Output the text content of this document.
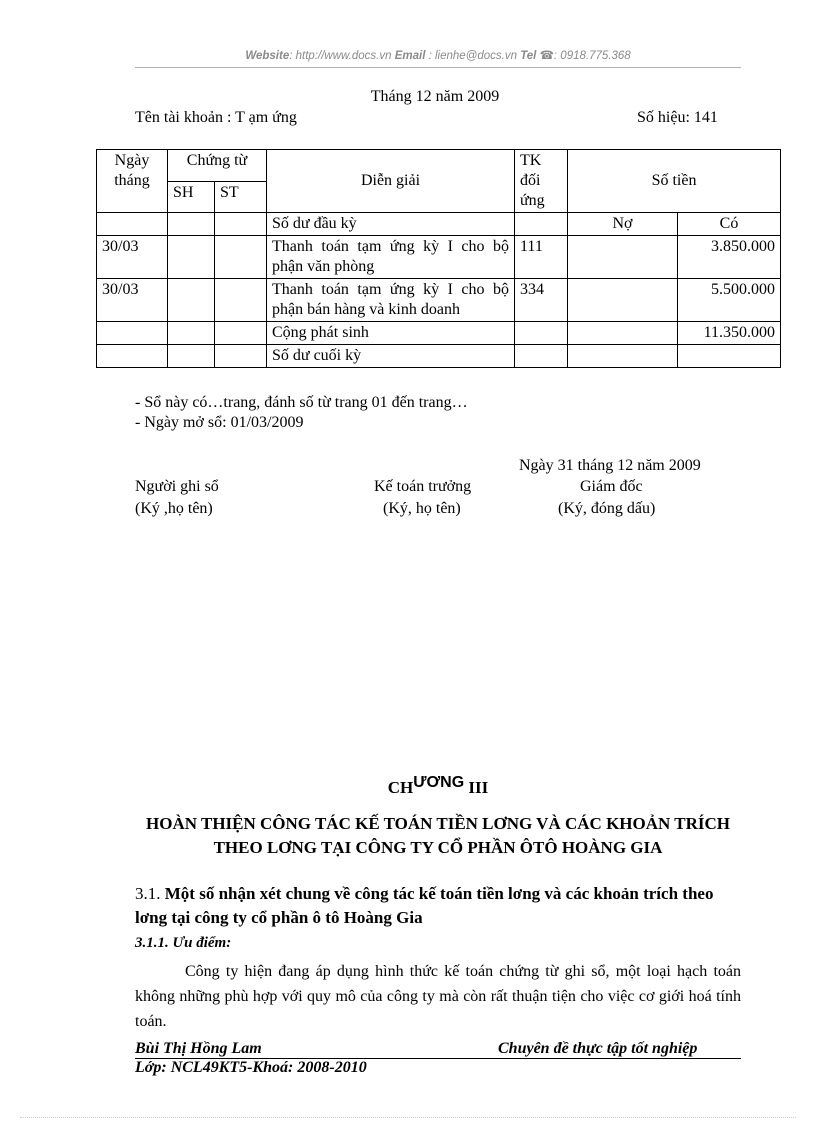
Website: http://www.docs.vn Email : lienhe@docs.vn Tel ☎: 0918.775.368
Tháng 12 năm 2009
Tên tài khoản : T ạm ứng	Số hiệu: 141
Ngày tháng	Chứng từ		Diễn giải	TK đối ứng	Số tiền	
	SH	ST				
			Số dư đầu kỳ		Nợ	Có
30/03			Thanh toán tạm ứng kỳ I cho bộ phận văn phòng	111		3.850.000
30/03			Thanh toán tạm ứng kỳ I cho bộ phận bán hàng và kinh doanh	334		5.500.000
			Cộng phát sinh			11.350.000
			Số dư cuối kỳ			
- Sổ này có…trang, đánh số từ trang 01 đến trang…
- Ngày mở sổ: 01/03/2009
Ngày 31 tháng 12 năm 2009
Người ghi sổ
(Ký ,họ tên)
Kế toán trưởng
(Ký, họ tên)
Giám đốc
(Ký, đóng dấu)
CHƯƠNG III
HOÀN THIỆN CÔNG TÁC KẾ TOÁN TIỀN LƠNG VÀ CÁC KHOẢN TRÍCH THEO LƠNG TẠI CÔNG TY CỔ PHẦN ÔTÔ HOÀNG GIA
3.1. Một số nhận xét chung về công tác kế toán tiền lơng và các khoản trích theo lơng tại công ty cổ phần ô tô Hoàng Gia
3.1.1. Ưu điểm:
Công ty hiện đang áp dụng hình thức kế toán chứng từ ghi sổ, một loại hạch toán không những phù hợp với quy mô của công ty mà còn rất thuận tiện cho việc cơ giới hoá tính toán.
Bùi Thị Hồng Lam	Chuyên đề thực tập tốt nghiệp
Lớp: NCL49KT5-Khoá: 2008-2010
